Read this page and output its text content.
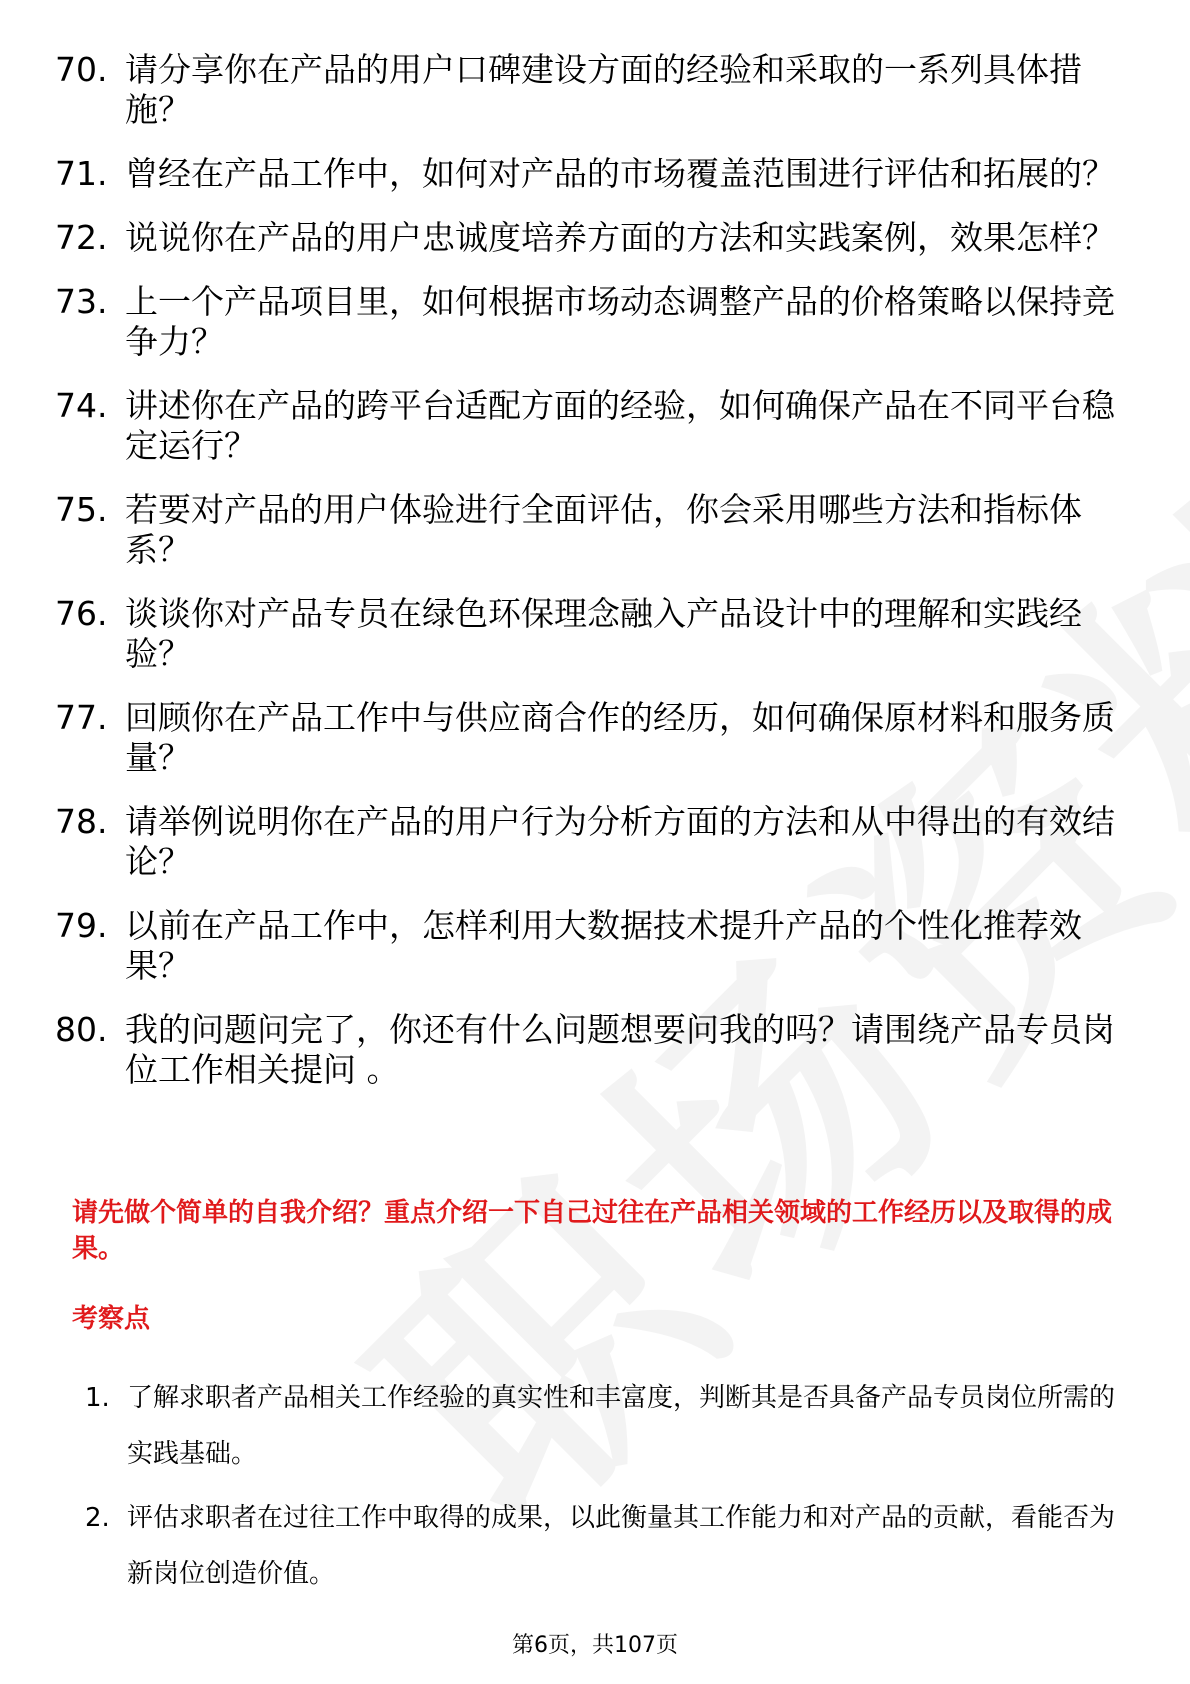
70. 请分享你在产品的用户口碑建设方面的经验和采取的一系列具体措施？
71. 曾经在产品工作中，如何对产品的市场覆盖范围进行评估和拓展的？
72. 说说你在产品的用户忠诚度培养方面的方法和实践案例，效果怎样？
73. 上一个产品项目里，如何根据市场动态调整产品的价格策略以保持竞争力？
74. 讲述你在产品的跨平台适配方面的经验，如何确保产品在不同平台稳定运行？
75. 若要对产品的用户体验进行全面评估，你会采用哪些方法和指标体系？
76. 谈谈你对产品专员在绿色环保理念融入产品设计中的理解和实践经验？
77. 回顾你在产品工作中与供应商合作的经历，如何确保原材料和服务质量？
78. 请举例说明你在产品的用户行为分析方面的方法和从中得出的有效结论？
79. 以前在产品工作中，怎样利用大数据技术提升产品的个性化推荐效果？
80. 我的问题问完了，你还有什么问题想要问我的吗？请围绕产品专员岗位工作相关提问 。
请先做个简单的自我介绍？重点介绍一下自己过往在产品相关领域的工作经历以及取得的成果。
考察点
1. 了解求职者产品相关工作经验的真实性和丰富度，判断其是否具备产品专员岗位所需的实践基础。
2. 评估求职者在过往工作中取得的成果，以此衡量其工作能力和对产品的贡献，看能否为新岗位创造价值。
第6页，共107页
